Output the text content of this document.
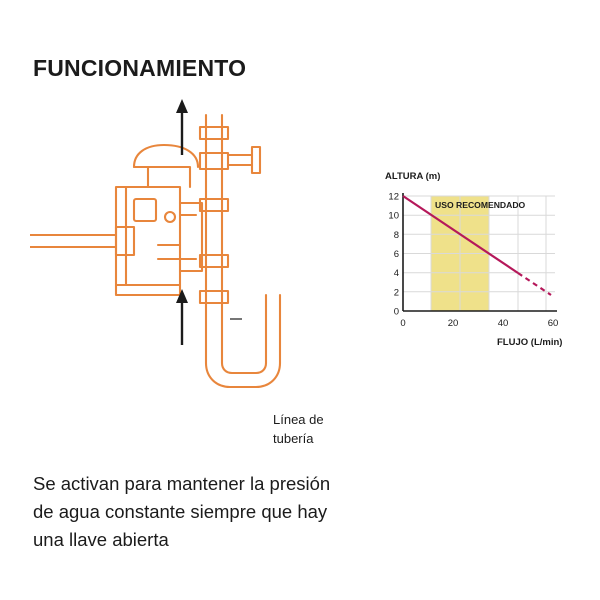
FUNCIONAMIENTO
Línea de
tubería
ALTURA (m)
USO RECOMENDADO
12
10
8
6
4
2
0
0	20	40	60
FLUJO (L/min)
Se activan para mantener la presión
de agua constante siempre que hay
una llave abierta
